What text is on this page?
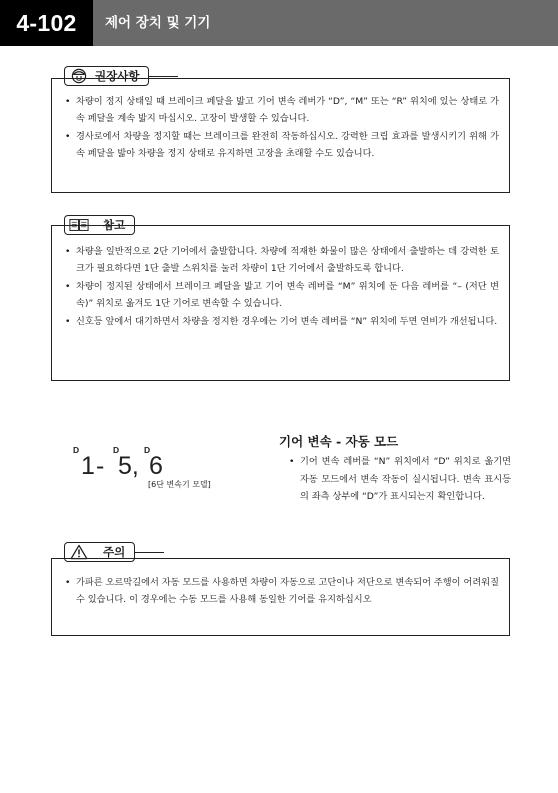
4-102	제어 장치 및 기기
권장사항
• 차량이 정지 상태일 때 브레이크 페달을 밟고 기어 변속 레버가 “D”, “M” 또는 “R” 위치에 있는 상태로 가속 페달을 계속 밟지 마십시오. 고장이 발생할 수 있습니다.
• 경사로에서 차량을 정지할 때는 브레이크를 완전히 작동하십시오. 강력한 크립 효과를 발생시키기 위해 가속 페달을 밟아 차량을 정지 상태로 유지하면 고장을 초래할 수도 있습니다.
참고
• 차량을 일반적으로 2단 기어에서 출발합니다. 차량에 적재한 화물이 많은 상태에서 출발하는 데 강력한 토크가 필요하다면 1단 출발 스위치를 눌러 차량이 1단 기어에서 출발하도록 합니다.
• 차량이 정지된 상태에서 브레이크 페달을 밟고 기어 변속 레버를 “M” 위치에 둔 다음 레버를 “– (저단 변속)” 위치로 옮겨도 1단 기어로 변속할 수 있습니다.
• 신호등 앞에서 대기하면서 차량을 정지한 경우에는 기어 변속 레버를 “N” 위치에 두면 연비가 개선됩니다.
D	D	D
1 - 5, 6
[6단 변속기 모델]
기어 변속 - 자동 모드
• 기어 변속 레버를 “N” 위치에서 “D” 위치로 옮기면 자동 모드에서 변속 작동이 실시됩니다. 변속 표시등의 좌측 상부에 “D”가 표시되는지 확인합니다.
주의
• 가파른 오르막길에서 자동 모드를 사용하면 차량이 자동으로 고단이나 저단으로 변속되어 주행이 어려워질 수 있습니다. 이 경우에는 수동 모드를 사용해 동일한 기어를 유지하십시오
